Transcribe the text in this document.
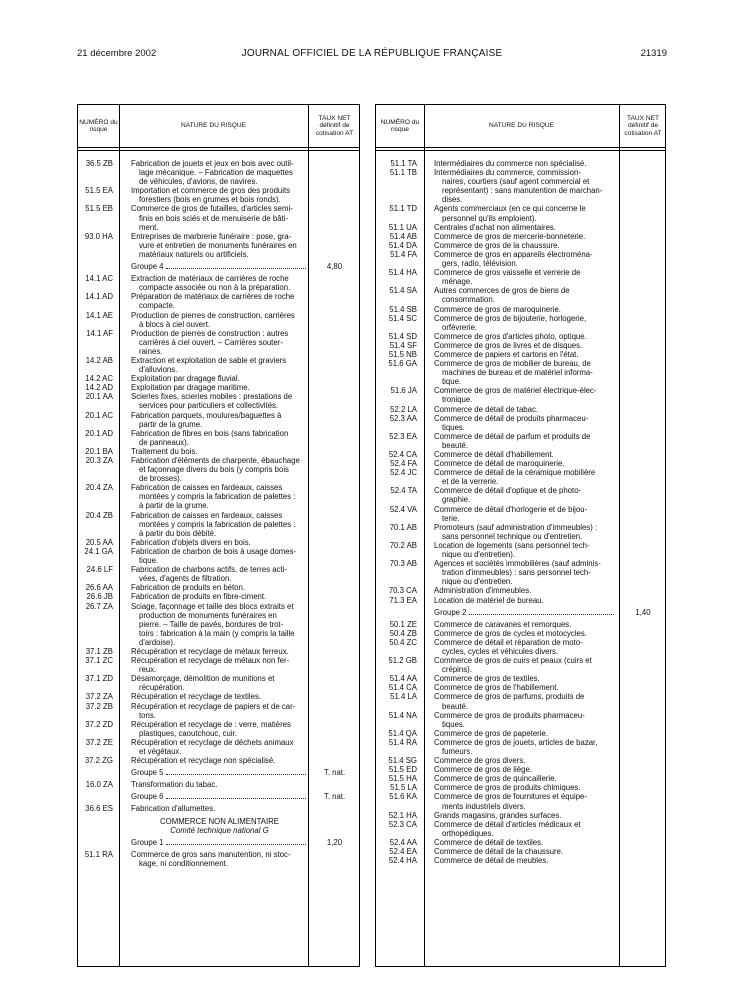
21 décembre 2002	JOURNAL OFFICIEL DE LA RÉPUBLIQUE FRANÇAISE	21319
NUMÉRO du risque
NATURE DU RISQUE
TAUX NET définitif de cotisation AT
36.5 ZB Fabrication de jouets et jeux en bois avec outil-
lage mécanique. – Fabrication de maquettes
de véhicules, d'avions, de navires.
51.5 EA Importation et commerce de gros des produits
forestiers (bois en grumes et bois ronds).
51.5 EB Commerce de gros de futailles, d'articles semi-
finis en bois sciés et de menuiserie de bâti-
ment.
93.0 HA Entreprises de marbrerie funéraire : pose, gra-
vure et entretien de monuments funéraires en
matériaux naturels ou artificiels.
Groupe 4	4,80
14.1 AC Extraction de matériaux de carrières de roche
compacte associée ou non à la préparation.
14.1 AD Préparation de matériaux de carrières de roche
compacte.
14.1 AE Production de pierres de construction, carrières
à blocs à ciel ouvert.
14.1 AF Production de pierres de construction : autres
carrières à ciel ouvert. – Carrières souter-
raines.
14.2 AB Extraction et exploitation de sable et graviers
d'alluvions.
14.2 AC Exploitation par dragage fluvial.
14.2 AD Exploitation par dragage maritime.
20.1 AA Scieries fixes, scieries mobiles : prestations de
services pour particuliers et collectivités.
20.1 AC Fabrication parquets, moulures/baguettes à
partir de la grume.
20.1 AD Fabrication de fibres en bois (sans fabrication
de panneaux).
20.1 BA Traitement du bois.
20.3 ZA Fabrication d'éléments de charpente, ébauchage
et façonnage divers du bois (y compris bois
de brosses).
20.4 ZA Fabrication de caisses en fardeaux, caisses
montées y compris la fabrication de palettes :
à partir de la grume.
20.4 ZB Fabrication de caisses en fardeaux, caisses
montées y compris la fabrication de palettes :
à partir du bois débité.
20.5 AA Fabrication d'objets divers en bois.
24.1 GA Fabrication de charbon de bois à usage domes-
tique.
24.6 LF Fabrication de charbons actifs, de terres acti-
vées, d'agents de filtration.
26.6 AA Fabrication de produits en béton.
26.6 JB Fabrication de produits en fibre-ciment.
26.7 ZA Sciage, façonnage et taille des blocs extraits et
production de monuments funéraires en
pierre. – Taille de pavés, bordures de trot-
toirs : fabrication à la main (y compris la taille
d'ardoise).
37.1 ZB Récupération et recyclage de métaux ferreux.
37.1 ZC Récupération et recyclage de métaux non fer-
reux.
37.1 ZD Désamorçage, démolition de munitions et
récupération.
37.2 ZA Récupération et recyclage de textiles.
37.2 ZB Récupération et recyclage de papiers et de car-
tons.
37.2 ZD Récupération et recyclage de : verre, matières
plastiques, caoutchouc, cuir.
37.2 ZE Récupération et recyclage de déchets animaux
et végétaux.
37.2 ZG Récupération et recyclage non spécialisé.
Groupe 5	T. nat.
16.0 ZA Transformation du tabac.
Groupe 6	T. nat.
36.6 ES Fabrication d'allumettes.
COMMERCE NON ALIMENTAIRE
Comité technique national G
Groupe 1	1,20
51.1 RA Commerce de gros sans manutention, ni stoc-
kage, ni conditionnement.
NUMÉRO du risque
NATURE DU RISQUE
TAUX NET définitif de cotisation AT
51.1 TA Intermédiaires du commerce non spécialisé.
51.1 TB Intermédiaires du commerce, commission-
naires, courtiers (sauf agent commercial et
représentant) : sans manutention de marchan-
dises.
51.1 TD Agents commerciaux (en ce qui concerne le
personnel qu'ils emploient).
51.1 UA Centrales d'achat non alimentaires.
51.4 AB Commerce de gros de mercerie-bonneterie.
51.4 DA Commerce de gros de la chaussure.
51.4 FA Commerce de gros en appareils électroména-
gers, radio, télévision.
51.4 HA Commerce de gros vaisselle et verrerie de
ménage.
51.4 SA Autres commerces de gros de biens de
consommation.
51.4 SB Commerce de gros de maroquinerie.
51.4 SC Commerce de gros de bijouterie, horlogerie,
orfèvrerie.
51.4 SD Commerce de gros d'articles photo, optique.
51.4 SF Commerce de gros de livres et de disques.
51.5 NB Commerce de papiers et cartons en l'état.
51.6 GA Commerce de gros de mobilier de bureau, de
machines de bureau et de matériel informa-
tique.
51.6 JA Commerce de gros de matériel électrique-élec-
tronique.
52.2 LA Commerce de détail de tabac.
52.3 AA Commerce de détail de produits pharmaceu-
tiques.
52.3 EA Commerce de détail de parfum et produits de
beauté.
52.4 CA Commerce de détail d'habillement.
52.4 FA Commerce de détail de maroquinerie.
52.4 JC Commerce de détail de la céramique mobilière
et de la verrerie.
52.4 TA Commerce de détail d'optique et de photo-
graphie.
52.4 VA Commerce de détail d'horlogerie et de bijou-
terie.
70.1 AB Promoteurs (sauf administration d'immeubles) :
sans personnel technique ou d'entretien.
70.2 AB Location de logements (sans personnel tech-
nique ou d'entretien).
70.3 AB Agences et sociétés immobilières (sauf adminis-
tration d'immeubles) : sans personnel tech-
nique ou d'entretien.
70.3 CA Administration d'immeubles.
71.3 EA Location de matériel de bureau.
Groupe 2	1,40
50.1 ZE Commerce de caravanes et remorques.
50.4 ZB Commerce de gros de cycles et motocycles.
50.4 ZC Commerce de détail et réparation de moto-
cycles, cycles et véhicules divers.
51.2 GB Commerce de gros de cuirs et peaux (cuirs et
crépins).
51.4 AA Commerce de gros de textiles.
51.4 CA Commerce de gros de l'habillement.
51.4 LA Commerce de gros de parfums, produits de
beauté.
51.4 NA Commerce de gros de produits pharmaceu-
tiques.
51.4 QA Commerce de gros de papeterie.
51.4 RA Commerce de gros de jouets, articles de bazar,
fumeurs.
51.4 SG Commerce de gros divers.
51.5 ED Commerce de gros de liège.
51.5 HA Commerce de gros de quincaillerie.
51.5 LA Commerce de gros de produits chimiques.
51.6 KA Commerce de gros de fournitures et équipe-
ments industriels divers.
52.1 HA Grands magasins, grandes surfaces.
52.3 CA Commerce de détail d'articles médicaux et
orthopédiques.
52.4 AA Commerce de détail de textiles.
52.4 EA Commerce de détail de la chaussure.
52.4 HA Commerce de détail de meubles.
